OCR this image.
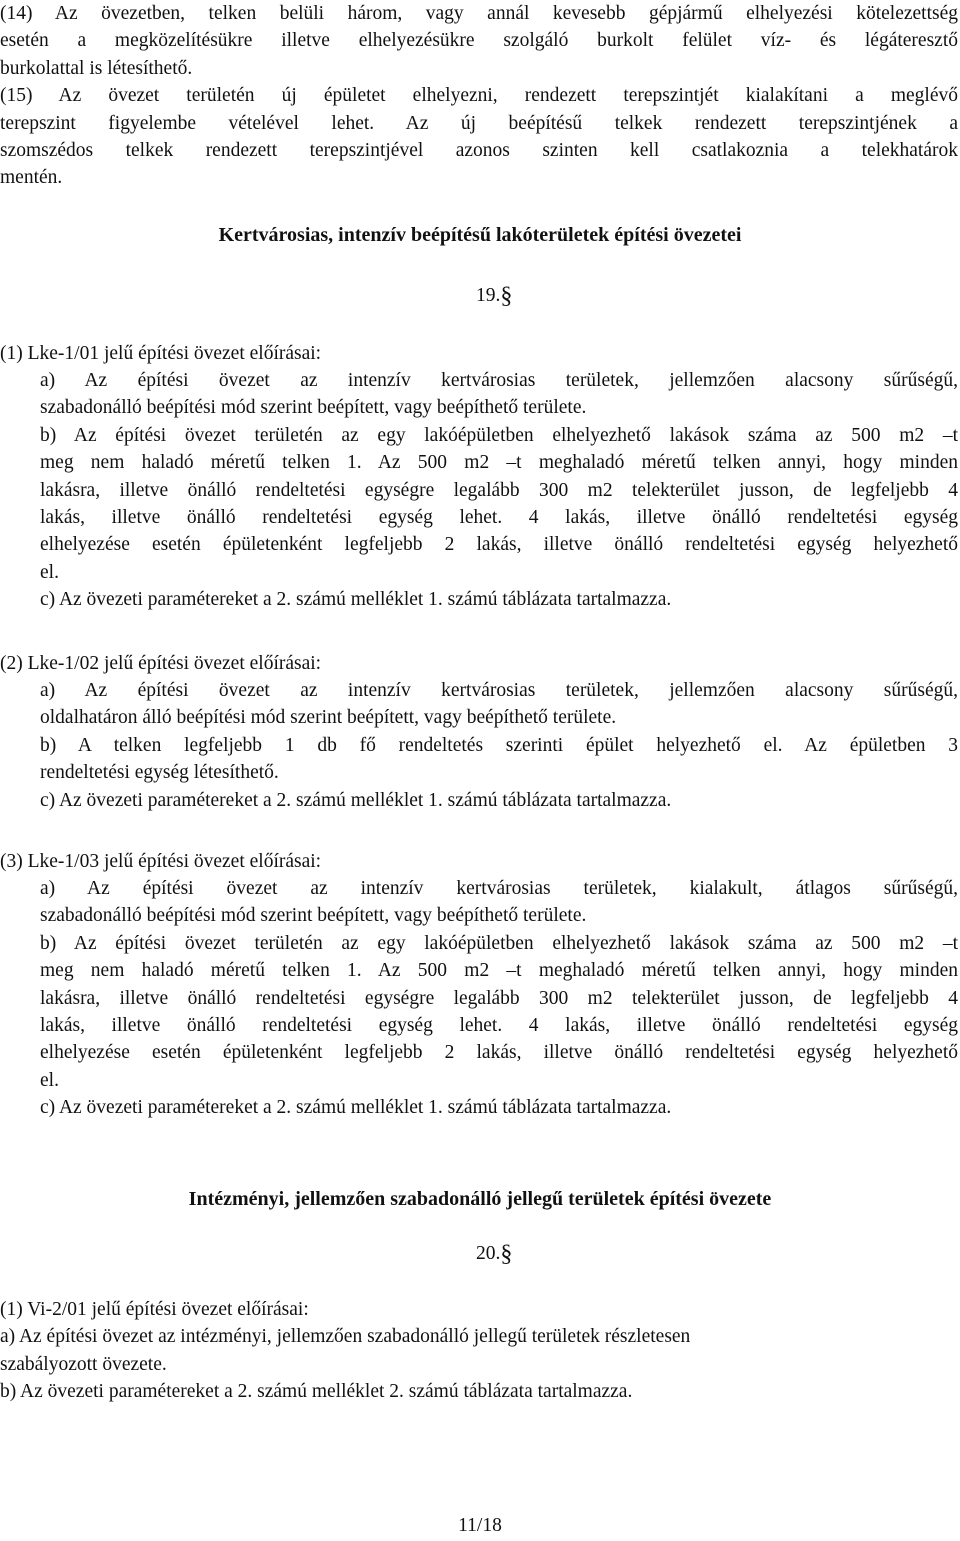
(14) Az övezetben, telken belüli három, vagy annál kevesebb gépjármű elhelyezési kötelezettség
esetén a megközelítésükre illetve elhelyezésükre szolgáló burkolt felület víz- és légáteresztő
burkolattal is létesíthető.
(15) Az övezet területén új épületet elhelyezni, rendezett terepszintjét kialakítani a meglévő
terepszint figyelembe vételével lehet. Az új beépítésű telkek rendezett terepszintjének a
szomszédos telkek rendezett terepszintjével azonos szinten kell csatlakoznia a telekhatárok
mentén.
Kertvárosias, intenzív beépítésű lakóterületek építési övezetei
19.§
(1) Lke-1/01 jelű építési övezet előírásai:
a) Az építési övezet az intenzív kertvárosias területek, jellemzően alacsony sűrűségű,
szabadonálló beépítési mód szerint beépített, vagy beépíthető területe.
b) Az építési övezet területén az egy lakóépületben elhelyezhető lakások száma az 500 m2 –t
meg nem haladó méretű telken 1. Az 500 m2 –t meghaladó méretű telken annyi, hogy minden
lakásra, illetve önálló rendeltetési egységre legalább 300 m2 telekterület jusson, de legfeljebb 4
lakás, illetve önálló rendeltetési egység lehet. 4 lakás, illetve önálló rendeltetési egység
elhelyezése esetén épületenként legfeljebb 2 lakás, illetve önálló rendeltetési egység helyezhető
el.
c) Az övezeti paramétereket a 2. számú melléklet 1. számú táblázata tartalmazza.
(2) Lke-1/02 jelű építési övezet előírásai:
a) Az építési övezet az intenzív kertvárosias területek, jellemzően alacsony sűrűségű,
oldalhatáron álló beépítési mód szerint beépített, vagy beépíthető területe.
b) A telken legfeljebb 1 db fő rendeltetés szerinti épület helyezhető el. Az épületben 3
rendeltetési egység létesíthető.
c) Az övezeti paramétereket a 2. számú melléklet 1. számú táblázata tartalmazza.
(3) Lke-1/03 jelű építési övezet előírásai:
a) Az építési övezet az intenzív kertvárosias területek, kialakult, átlagos sűrűségű,
szabadonálló beépítési mód szerint beépített, vagy beépíthető területe.
b) Az építési övezet területén az egy lakóépületben elhelyezhető lakások száma az 500 m2 –t
meg nem haladó méretű telken 1. Az 500 m2 –t meghaladó méretű telken annyi, hogy minden
lakásra, illetve önálló rendeltetési egységre legalább 300 m2 telekterület jusson, de legfeljebb 4
lakás, illetve önálló rendeltetési egység lehet. 4 lakás, illetve önálló rendeltetési egység
elhelyezése esetén épületenként legfeljebb 2 lakás, illetve önálló rendeltetési egység helyezhető
el.
c) Az övezeti paramétereket a 2. számú melléklet 1. számú táblázata tartalmazza.
Intézményi, jellemzően szabadonálló jellegű területek építési övezete
20.§
(1) Vi-2/01 jelű építési övezet előírásai:
a) Az építési övezet az intézményi, jellemzően szabadonálló jellegű területek részletesen
szabályozott övezete.
b) Az övezeti paramétereket a 2. számú melléklet 2. számú táblázata tartalmazza.
11/18
